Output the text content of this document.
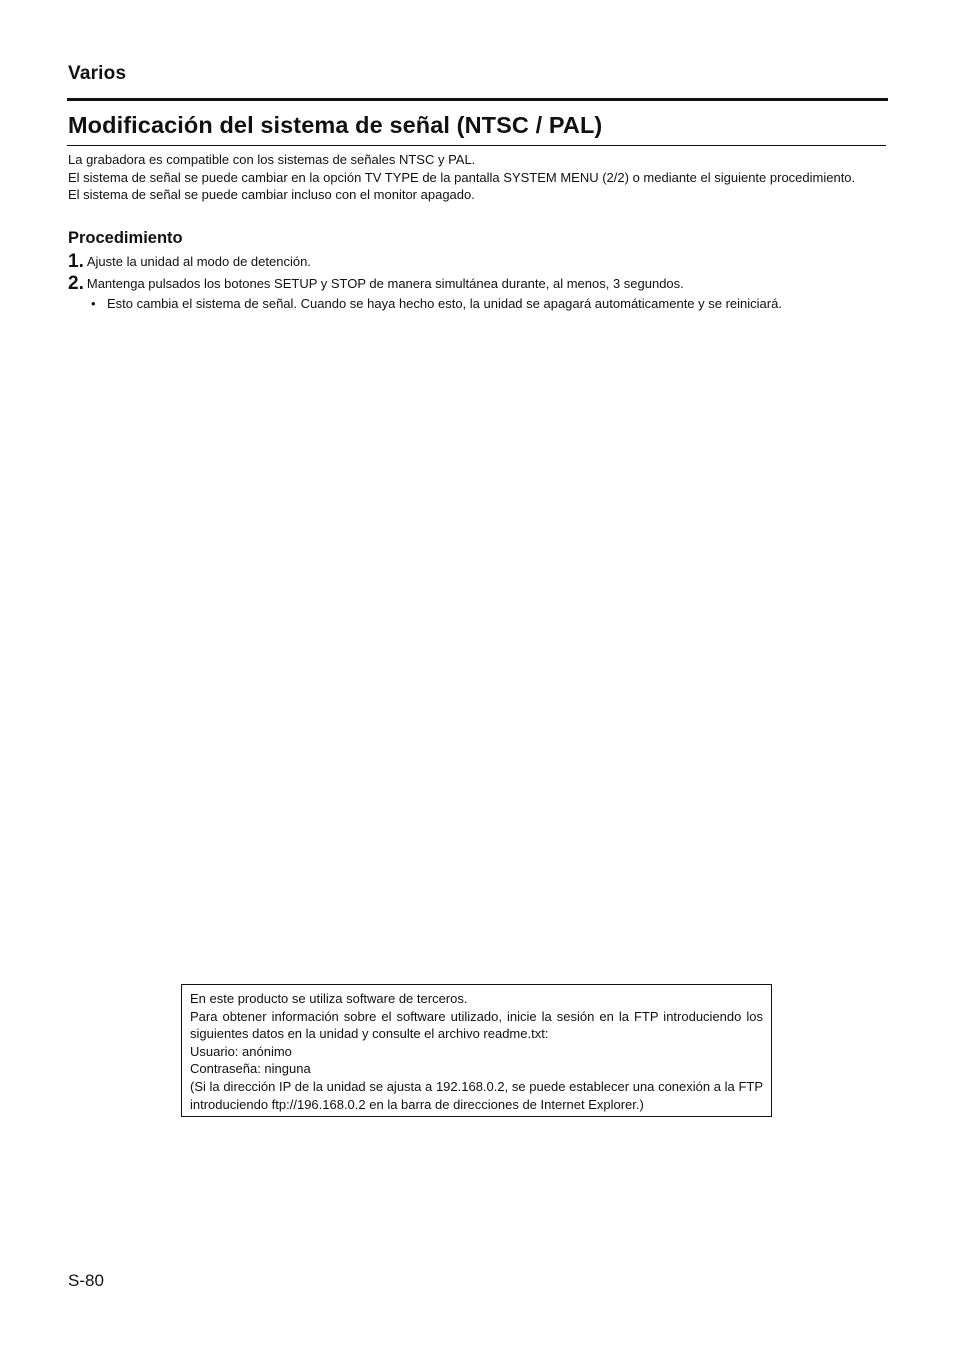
Varios
Modificación del sistema de señal (NTSC / PAL)

La grabadora es compatible con los sistemas de señales NTSC y PAL.

El sistema de señal se puede cambiar en la opción TV TYPE de la pantalla SYSTEM MENU (2/2) o mediante el siguiente procedimiento.

El sistema de señal se puede cambiar incluso con el monitor apagado.

Procedimiento
1. Ajuste la unidad al modo de detención.
2. Mantenga pulsados los botones SETUP y STOP de manera simultánea durante, al menos, 3 segundos.
• Esto cambia el sistema de señal. Cuando se haya hecho esto, la unidad se apagará automáticamente y se reiniciará.

En este producto se utiliza software de terceros.

Para obtener información sobre el software utilizado, inicie la sesión en la FTP introduciendo los siguientes datos en la unidad y consulte el archivo readme.txt:

Usuario: anónimo

Contraseña: ninguna

(Si la dirección IP de la unidad se ajusta a 192.168.0.2, se puede establecer una conexión a la FTP introduciendo ftp://196.168.0.2 en la barra de direcciones de Internet Explorer.)

S-80
